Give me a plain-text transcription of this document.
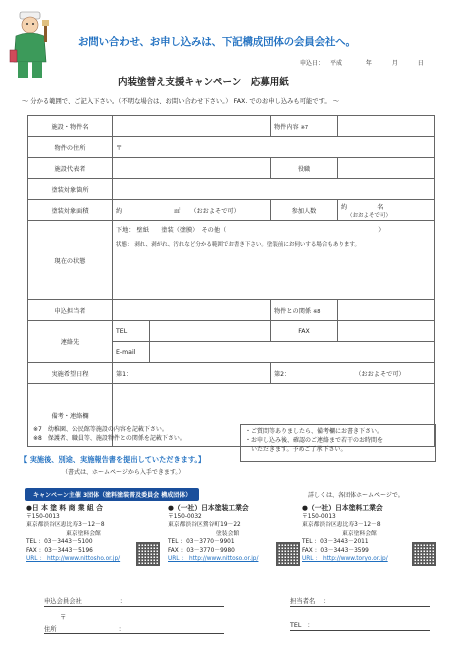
お問い合わせ、お申し込みは、下記構成団体の会員会社へ。
申込日： 平成	年	月	日
内装塗替え支援キャンペーン　応募用紙
～ 分かる範囲で、ご記入下さい。（不明な場合は、お問い合わせ下さい。） FAX. でのお申し込みも可能です。 ～
施設・物件名			物件内容 ※7	
物件の住所	〒			
施設代表者			役職	
塗装対象箇所				
塗装対象面積	約 ㎡ （おおよそで可）		参加人数	約 名（おおよそで可）
現在の状態	下地： 壁紙　　塗装（塗膜）　その他（ ）
状態： 剥れ、剥がれ、汚れなど分かる範囲でお書き下さい。塗装前にお伺いする場合もあります。			

申込担当者			物件との関係 ※8	
連絡先	TEL		FAX	
	E-mail			
実施希望日程	第1：		第2： （おおよそで可）	
備考・連絡欄				
※7　幼稚園、公民館等施設の内容を記載下さい。
※8　保護者、職員等、施設物件との関係を記載下さい。
・ご質問等ありましたら、備考欄にお書き下さい。
・お申し込み後、確認のご連絡まで若干のお時間を
　いただきます。予めご了承下さい。
【 実施後、別途、実施報告書を提出していただきます。】
（書式は、ホームページから入手できます。）
キャンペーン主催 3団体（塗料塗装普及委員会 構成団体）	詳しくは、各団体ホームページで。
●日 本 塗 料 商 業 組 合
〒150-0013
東京都渋谷区恵比寿3－12－8
東京塗料会館
TEL ：03－3443－5100
FAX ：03－3443－5196
URL ： http://www.nittosho.or.jp/
●（一社）日本塗装工業会
〒150-0032
東京都渋谷区鶯谷町19－22
塗装会館
TEL ：03－3770－9901
FAX ：03－3770－9980
URL ： http://www.nittoso.or.jp/
●（一社）日本塗料工業会
〒150-0013
東京都渋谷区恵比寿3－12－8
東京塗料会館
TEL ：03－3443－2011
FAX ：03－3443－3599
URL ： http://www.toryo.or.jp/
申込会員会社	：
〒
住所	：
担当者名 ：
TEL ：
